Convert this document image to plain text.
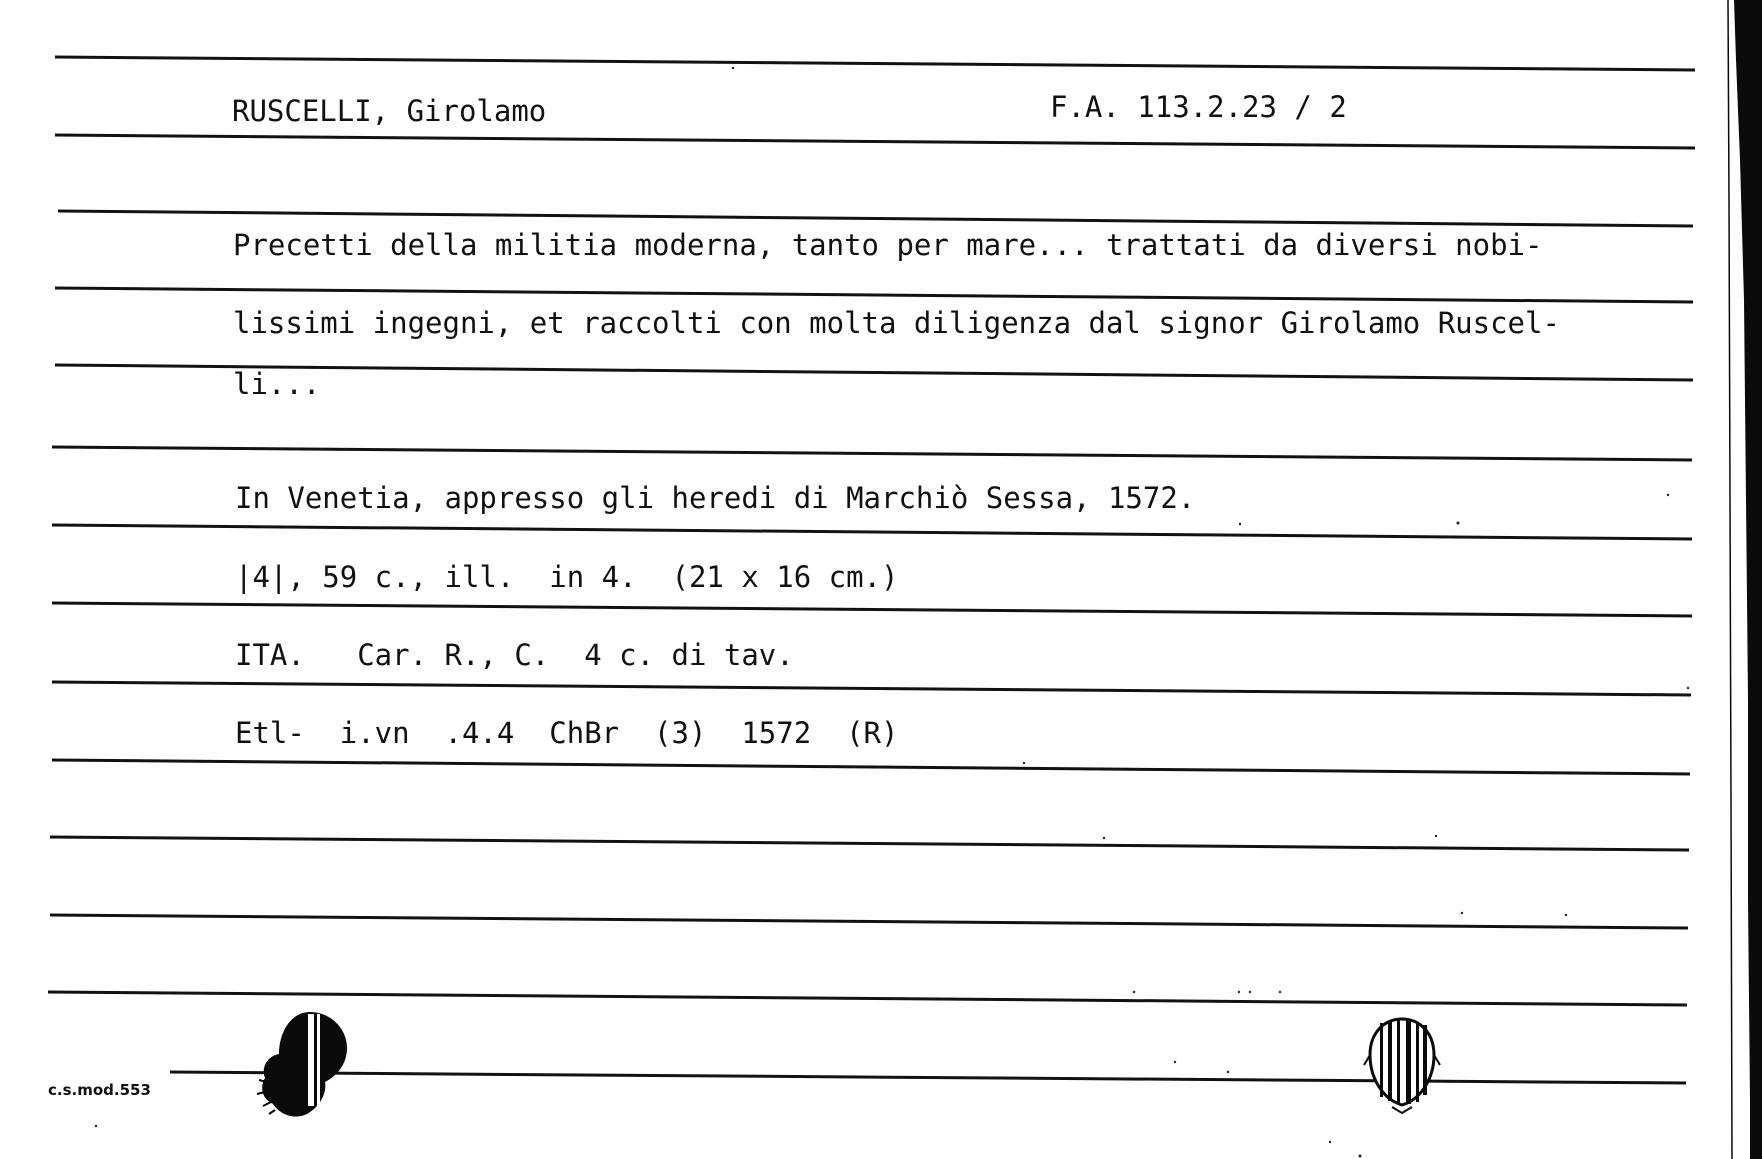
RUSCELLI, Girolamo	F.A. 113.2.23 / 2
Precetti della militia moderna, tanto per mare... trattati da diversi nobi-
lissimi ingegni, et raccolti con molta diligenza dal signor Girolamo Ruscel-
li...
In Venetia, appresso gli heredi di Marchiò Sessa, 1572.
|4|, 59 c., ill.  in 4.  (21 x 16 cm.)
ITA.   Car. R., C.  4 c. di tav.
Etl-  i.vn  .4.4  ChBr  (3)  1572  (R)
c.s.mod.553
